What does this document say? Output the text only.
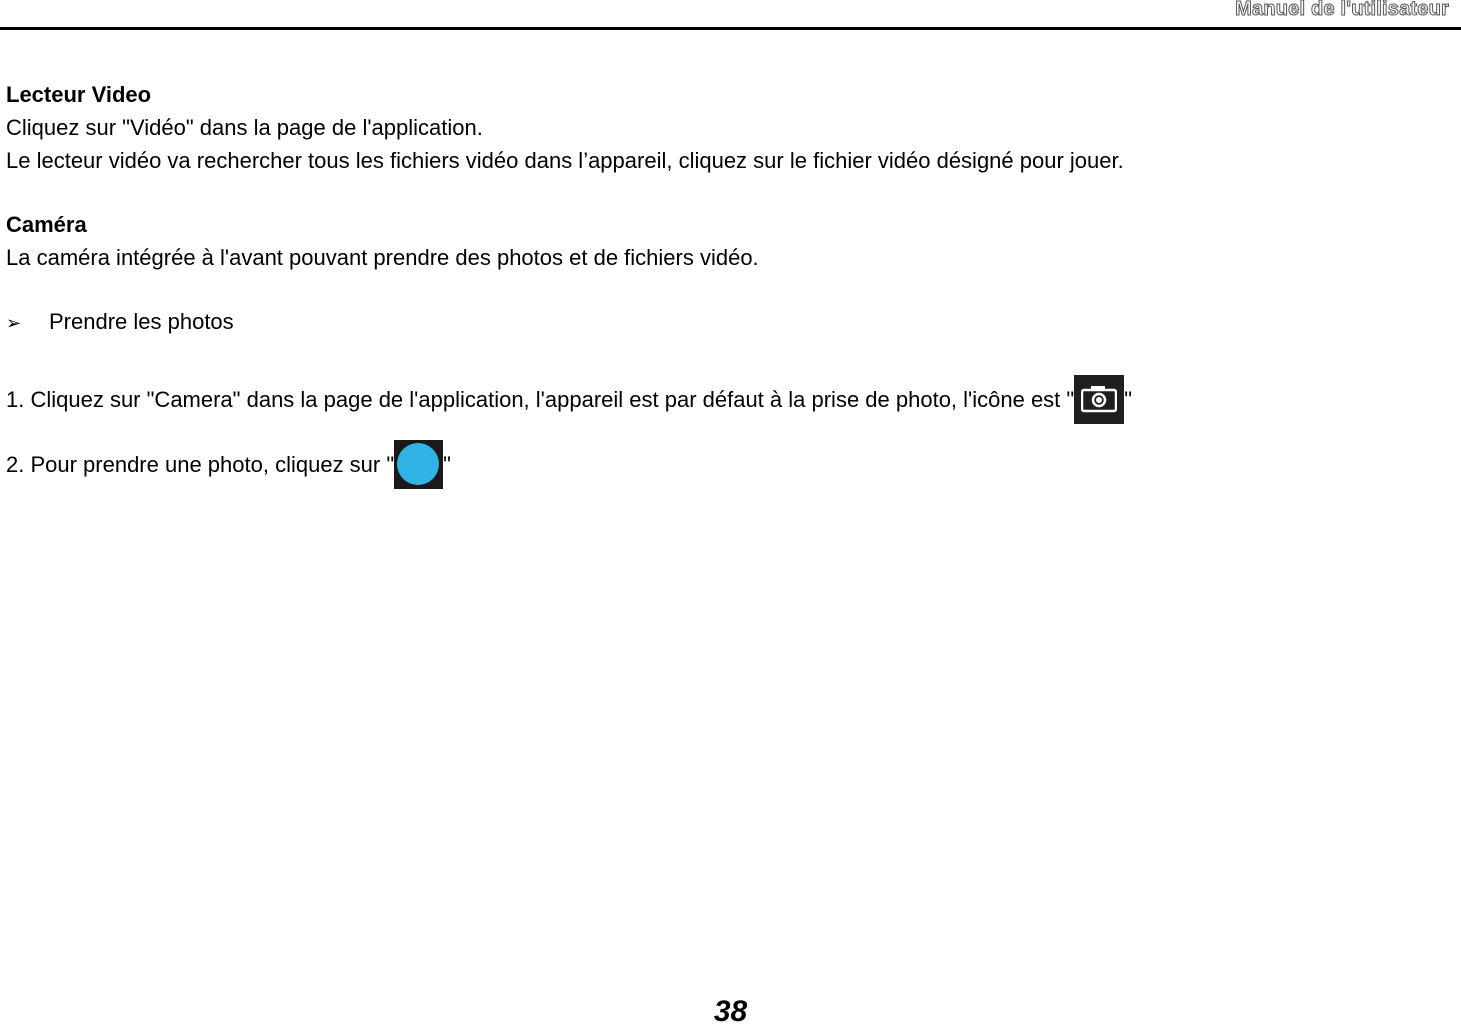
Manuel de l'utilisateur
Lecteur Video
Cliquez sur "Vidéo" dans la page de l'application.
Le lecteur vidéo va rechercher tous les fichiers vidéo dans l’appareil, cliquez sur le fichier vidéo désigné pour jouer.
Caméra
La caméra intégrée à l'avant pouvant prendre des photos et de fichiers vidéo.
➢ Prendre les photos
1. Cliquez sur "Camera" dans la page de l'application, l'appareil est par défaut à la prise de photo, l'icône est " "
2. Pour prendre une photo, cliquez sur " "
38
